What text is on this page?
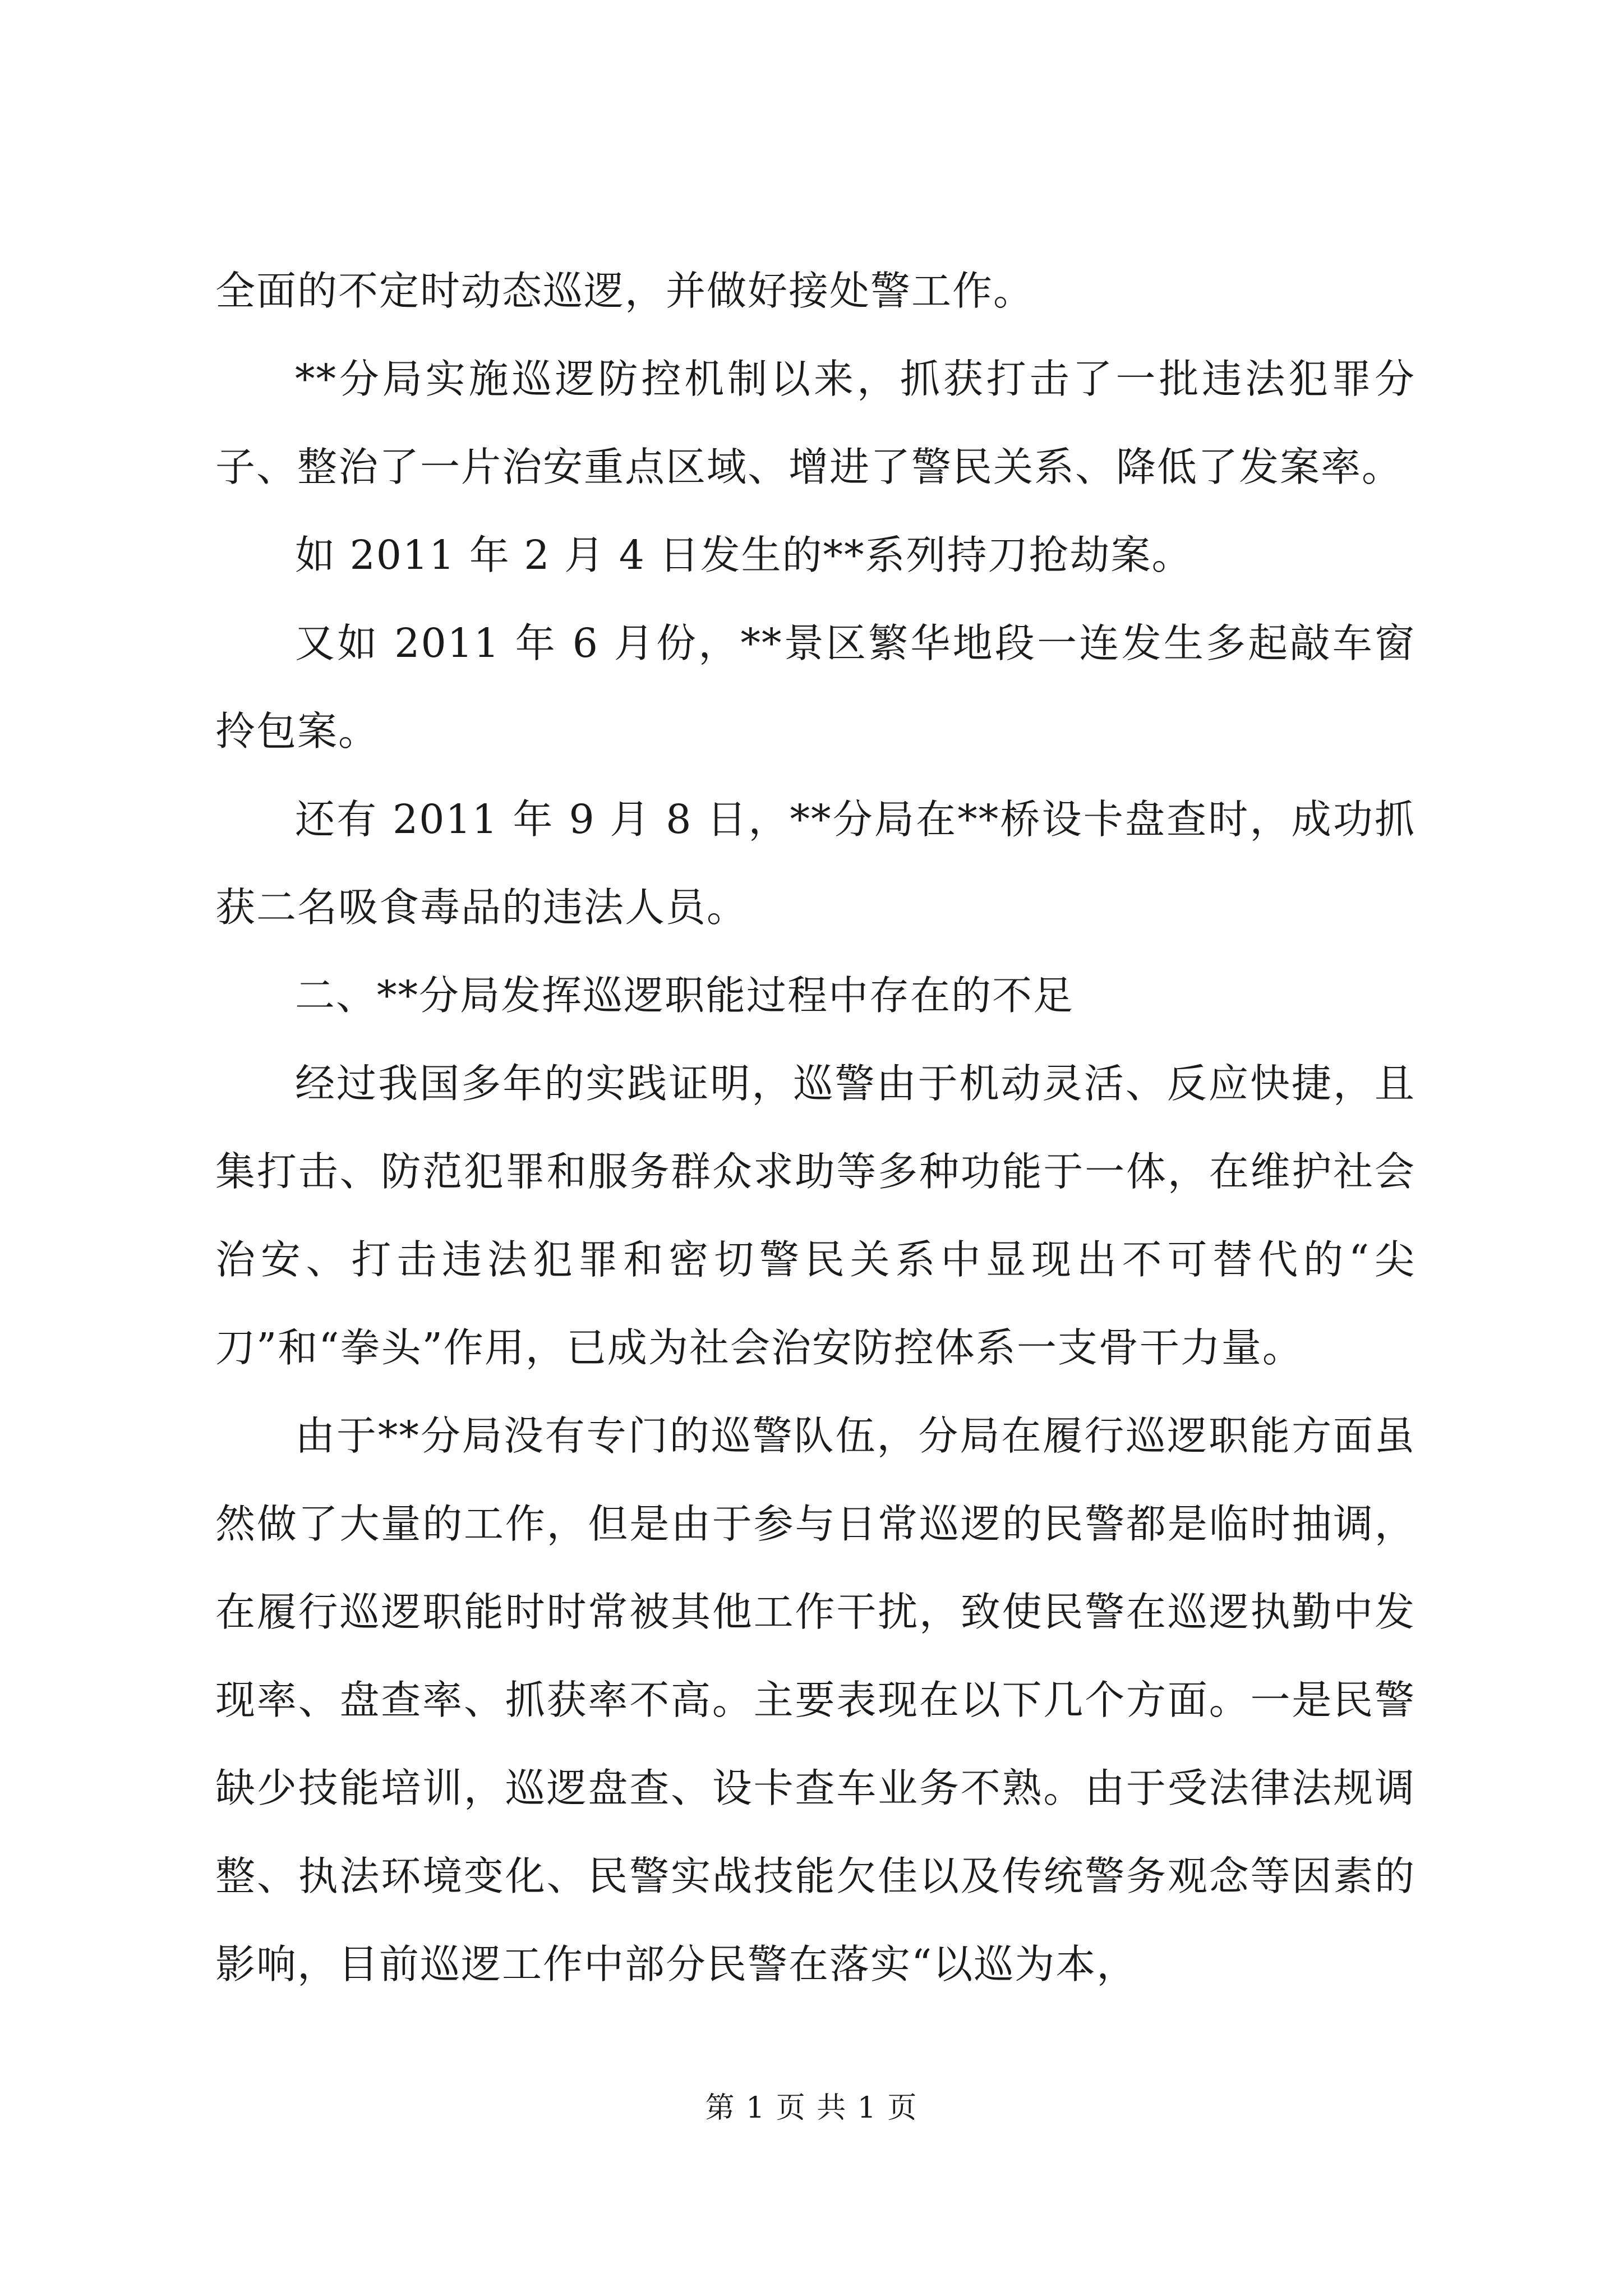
全面的不定时动态巡逻，并做好接处警工作。

**分局实施巡逻防控机制以来，抓获打击了一批违法犯罪分子、整治了一片治安重点区域、增进了警民关系、降低了发案率。

如 2011 年 2 月 4 日发生的**系列持刀抢劫案。

又如 2011 年 6 月份，**景区繁华地段一连发生多起敲车窗拎包案。

还有 2011 年 9 月 8 日，**分局在**桥设卡盘查时，成功抓获二名吸食毒品的违法人员。

二、**分局发挥巡逻职能过程中存在的不足

经过我国多年的实践证明，巡警由于机动灵活、反应快捷，且集打击、防范犯罪和服务群众求助等多种功能于一体，在维护社会治安、打击违法犯罪和密切警民关系中显现出不可替代的“尖刀”和“拳头”作用，已成为社会治安防控体系一支骨干力量。

由于**分局没有专门的巡警队伍，分局在履行巡逻职能方面虽然做了大量的工作，但是由于参与日常巡逻的民警都是临时抽调，在履行巡逻职能时时常被其他工作干扰，致使民警在巡逻执勤中发现率、盘查率、抓获率不高。主要表现在以下几个方面。一是民警缺少技能培训，巡逻盘查、设卡查车业务不熟。由于受法律法规调整、执法环境变化、民警实战技能欠佳以及传统警务观念等因素的影响，目前巡逻工作中部分民警在落实“以巡为本，

第 1 页 共 1 页
